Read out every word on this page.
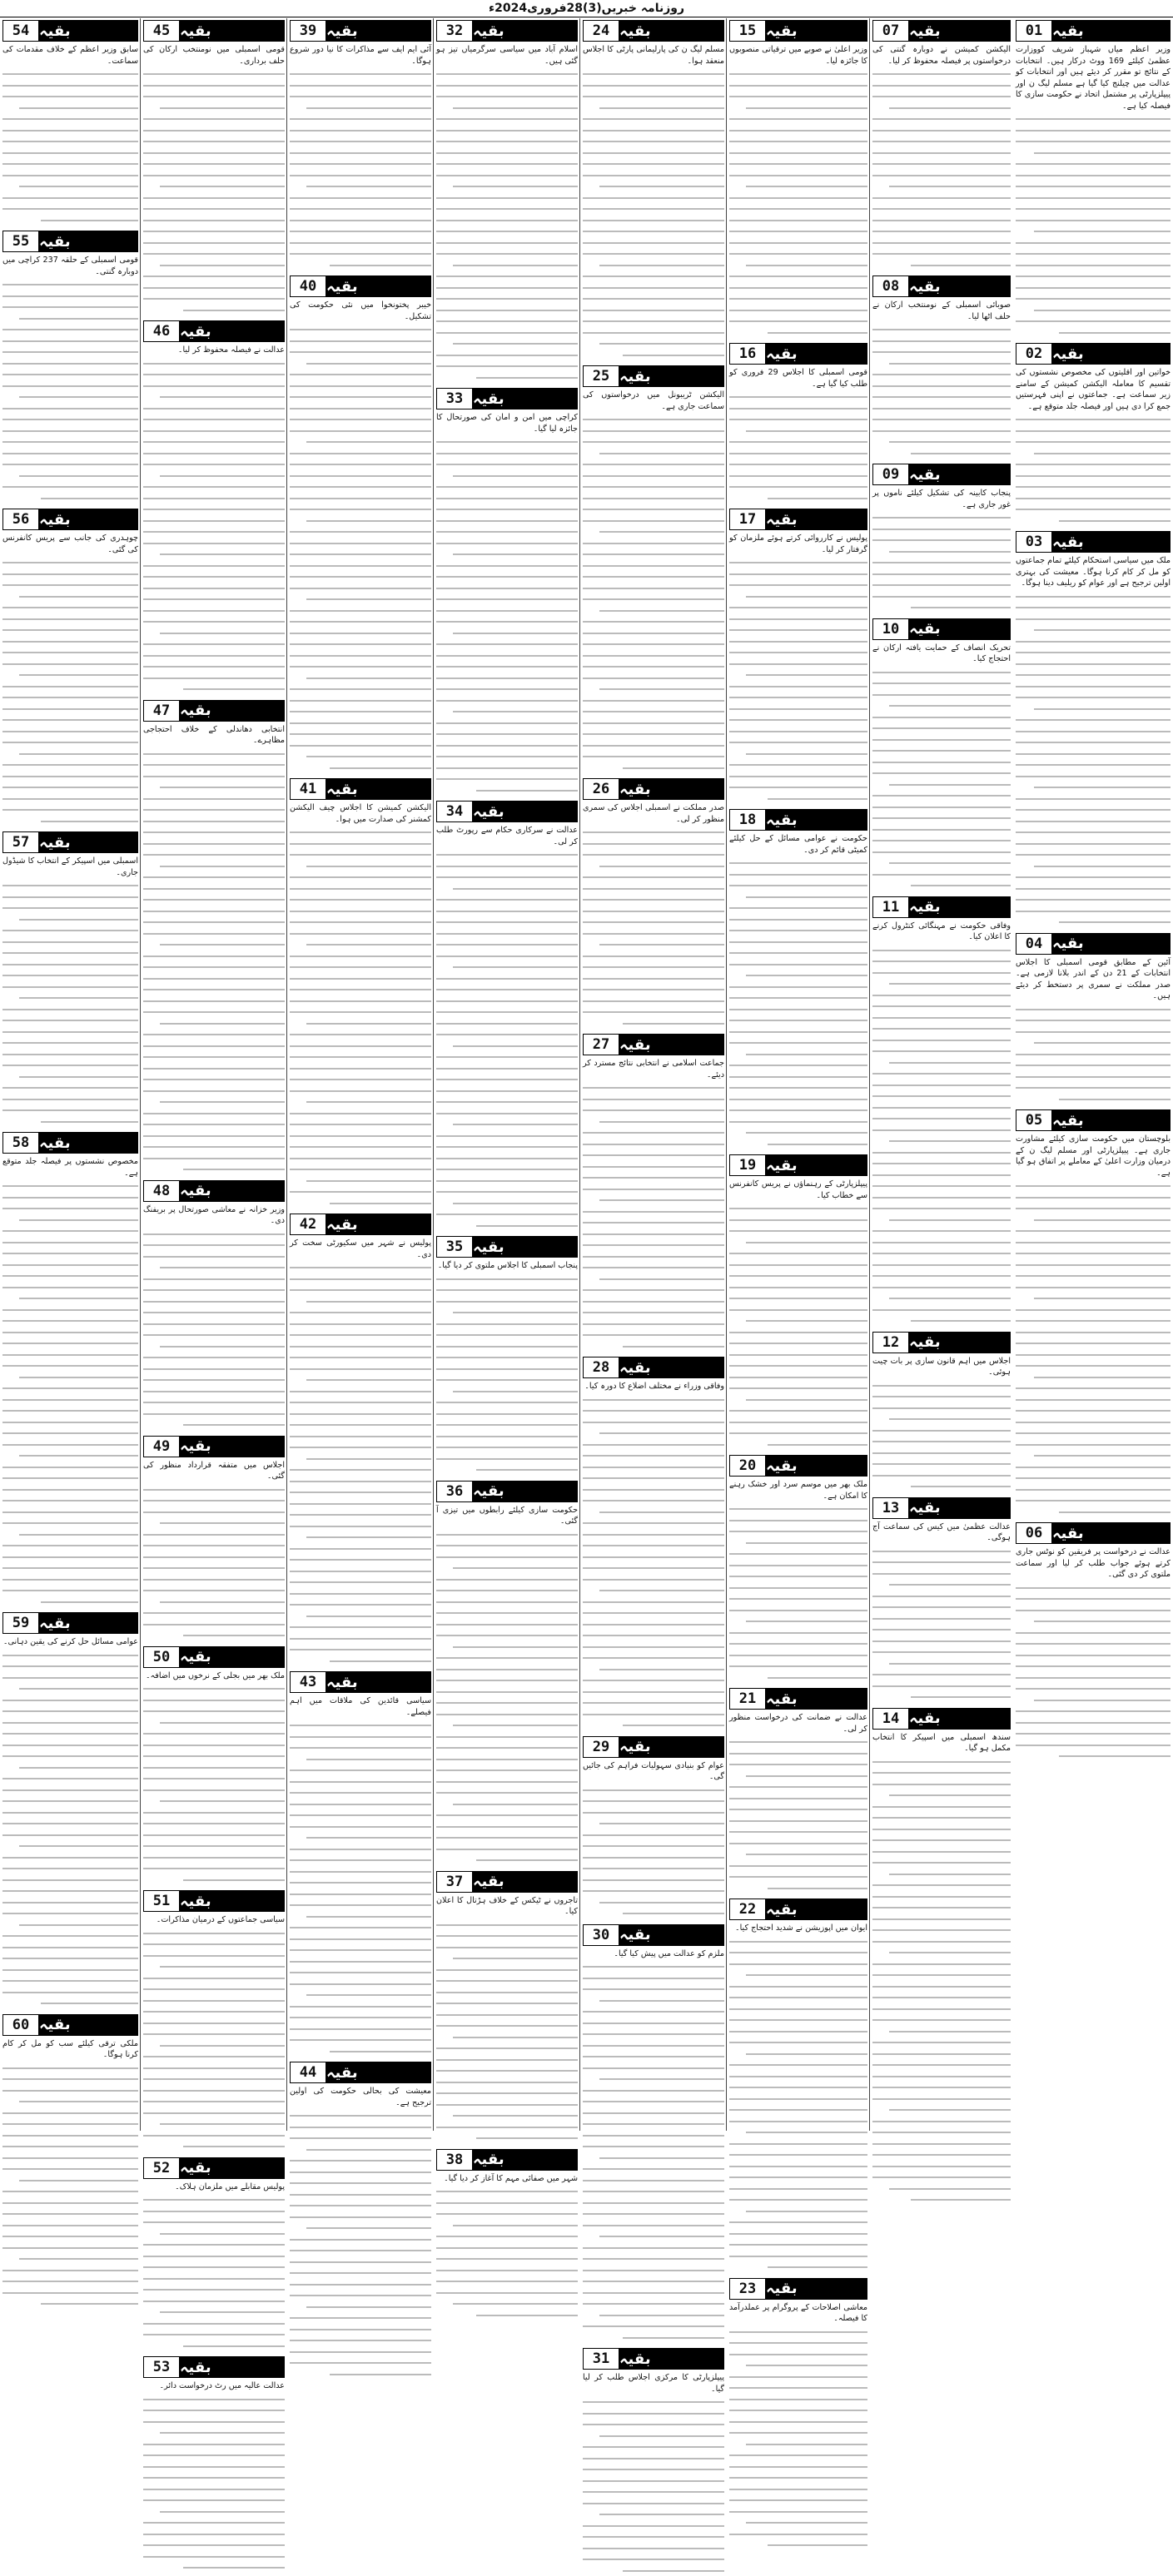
روزنامہ خبریں(3)28فروری2024ء
01 بقیہ
وزیر اعظم میاں شہباز شریف کووزارت عظمیٰ کیلئے 169 ووٹ درکار ہیں۔ انتخابات کے نتائج تو مقرر کر دیئے ہیں اور انتخابات کو عدالت میں چیلنج کیا گیا ہے مسلم لیگ ن اور پیپلزپارٹی پر مشتمل اتحاد نے حکومت سازی کا فیصلہ کیا ہے۔
02 بقیہ
خواتین اور اقلیتوں کی مخصوص نشستوں کی تقسیم کا معاملہ الیکشن کمیشن کے سامنے زیر سماعت ہے۔ جماعتوں نے اپنی فہرستیں جمع کرا دی ہیں اور فیصلہ جلد متوقع ہے۔
03 بقیہ
ملک میں سیاسی استحکام کیلئے تمام جماعتوں کو مل کر کام کرنا ہوگا۔ معیشت کی بہتری اولین ترجیح ہے اور عوام کو ریلیف دینا ہوگا۔
04 بقیہ
آئین کے مطابق قومی اسمبلی کا اجلاس انتخابات کے 21 دن کے اندر بلانا لازمی ہے۔ صدر مملکت نے سمری پر دستخط کر دیئے ہیں۔
05 بقیہ
بلوچستان میں حکومت سازی کیلئے مشاورت جاری ہے۔ پیپلزپارٹی اور مسلم لیگ ن کے درمیان وزارت اعلیٰ کے معاملے پر اتفاق ہو گیا ہے۔
06 بقیہ
عدالت نے درخواست پر فریقین کو نوٹس جاری کرتے ہوئے جواب طلب کر لیا اور سماعت ملتوی کر دی گئی۔
07 بقیہ
الیکشن کمیشن نے دوبارہ گنتی کی درخواستوں پر فیصلہ محفوظ کر لیا۔
08 بقیہ
صوبائی اسمبلی کے نومنتخب ارکان نے حلف اٹھا لیا۔
09 بقیہ
پنجاب کابینہ کی تشکیل کیلئے ناموں پر غور جاری ہے۔
10 بقیہ
تحریک انصاف کے حمایت یافتہ ارکان نے احتجاج کیا۔
11 بقیہ
وفاقی حکومت نے مہنگائی کنٹرول کرنے کا اعلان کیا۔
12 بقیہ
اجلاس میں اہم قانون سازی پر بات چیت ہوئی۔
13 بقیہ
عدالت عظمیٰ میں کیس کی سماعت آج ہوگی۔
14 بقیہ
سندھ اسمبلی میں اسپیکر کا انتخاب مکمل ہو گیا۔
15 بقیہ
وزیر اعلیٰ نے صوبے میں ترقیاتی منصوبوں کا جائزہ لیا۔
16 بقیہ
قومی اسمبلی کا اجلاس 29 فروری کو طلب کیا گیا ہے۔
17 بقیہ
پولیس نے کارروائی کرتے ہوئے ملزمان کو گرفتار کر لیا۔
18 بقیہ
حکومت نے عوامی مسائل کے حل کیلئے کمیٹی قائم کر دی۔
19 بقیہ
پیپلزپارٹی کے رہنماؤں نے پریس کانفرنس سے خطاب کیا۔
20 بقیہ
ملک بھر میں موسم سرد اور خشک رہنے کا امکان ہے۔
21 بقیہ
عدالت نے ضمانت کی درخواست منظور کر لی۔
22 بقیہ
ایوان میں اپوزیشن نے شدید احتجاج کیا۔
23 بقیہ
معاشی اصلاحات کے پروگرام پر عملدرآمد کا فیصلہ۔
24 بقیہ
مسلم لیگ ن کی پارلیمانی پارٹی کا اجلاس منعقد ہوا۔
25 بقیہ
الیکشن ٹریبونل میں درخواستوں کی سماعت جاری ہے۔
26 بقیہ
صدر مملکت نے اسمبلی اجلاس کی سمری منظور کر لی۔
27 بقیہ
جماعت اسلامی نے انتخابی نتائج مسترد کر دیئے۔
28 بقیہ
وفاقی وزراء نے مختلف اضلاع کا دورہ کیا۔
29 بقیہ
عوام کو بنیادی سہولیات فراہم کی جائیں گی۔
30 بقیہ
ملزم کو عدالت میں پیش کیا گیا۔
31 بقیہ
پیپلزپارٹی کا مرکزی اجلاس طلب کر لیا گیا۔
32 بقیہ
اسلام آباد میں سیاسی سرگرمیاں تیز ہو گئی ہیں۔
33 بقیہ
کراچی میں امن و امان کی صورتحال کا جائزہ لیا گیا۔
34 بقیہ
عدالت نے سرکاری حکام سے رپورٹ طلب کر لی۔
35 بقیہ
پنجاب اسمبلی کا اجلاس ملتوی کر دیا گیا۔
36 بقیہ
حکومت سازی کیلئے رابطوں میں تیزی آ گئی۔
37 بقیہ
تاجروں نے ٹیکس کے خلاف ہڑتال کا اعلان کیا۔
38 بقیہ
شہر میں صفائی مہم کا آغاز کر دیا گیا۔
39 بقیہ
آئی ایم ایف سے مذاکرات کا نیا دور شروع ہوگا۔
40 بقیہ
خیبر پختونخوا میں نئی حکومت کی تشکیل۔
41 بقیہ
الیکشن کمیشن کا اجلاس چیف الیکشن کمشنر کی صدارت میں ہوا۔
42 بقیہ
پولیس نے شہر میں سکیورٹی سخت کر دی۔
43 بقیہ
سیاسی قائدین کی ملاقات میں اہم فیصلے۔
44 بقیہ
معیشت کی بحالی حکومت کی اولین ترجیح ہے۔
45 بقیہ
قومی اسمبلی میں نومنتخب ارکان کی حلف برداری۔
46 بقیہ
عدالت نے فیصلہ محفوظ کر لیا۔
47 بقیہ
انتخابی دھاندلی کے خلاف احتجاجی مظاہرے۔
48 بقیہ
وزیر خزانہ نے معاشی صورتحال پر بریفنگ دی۔
49 بقیہ
اجلاس میں متفقہ قرارداد منظور کی گئی۔
50 بقیہ
ملک بھر میں بجلی کے نرخوں میں اضافہ۔
51 بقیہ
سیاسی جماعتوں کے درمیان مذاکرات۔
52 بقیہ
پولیس مقابلے میں ملزمان ہلاک۔
53 بقیہ
عدالت عالیہ میں رٹ درخواست دائر۔
54 بقیہ
سابق وزیر اعظم کے خلاف مقدمات کی سماعت۔
55 بقیہ
قومی اسمبلی کے حلقہ 237 کراچی میں دوبارہ گنتی۔
56 بقیہ
چوہدری کی جانب سے پریس کانفرنس کی گئی۔
57 بقیہ
اسمبلی میں اسپیکر کے انتخاب کا شیڈول جاری۔
58 بقیہ
مخصوص نشستوں پر فیصلہ جلد متوقع ہے۔
59 بقیہ
عوامی مسائل حل کرنے کی یقین دہانی۔
60 بقیہ
ملکی ترقی کیلئے سب کو مل کر کام کرنا ہوگا۔
